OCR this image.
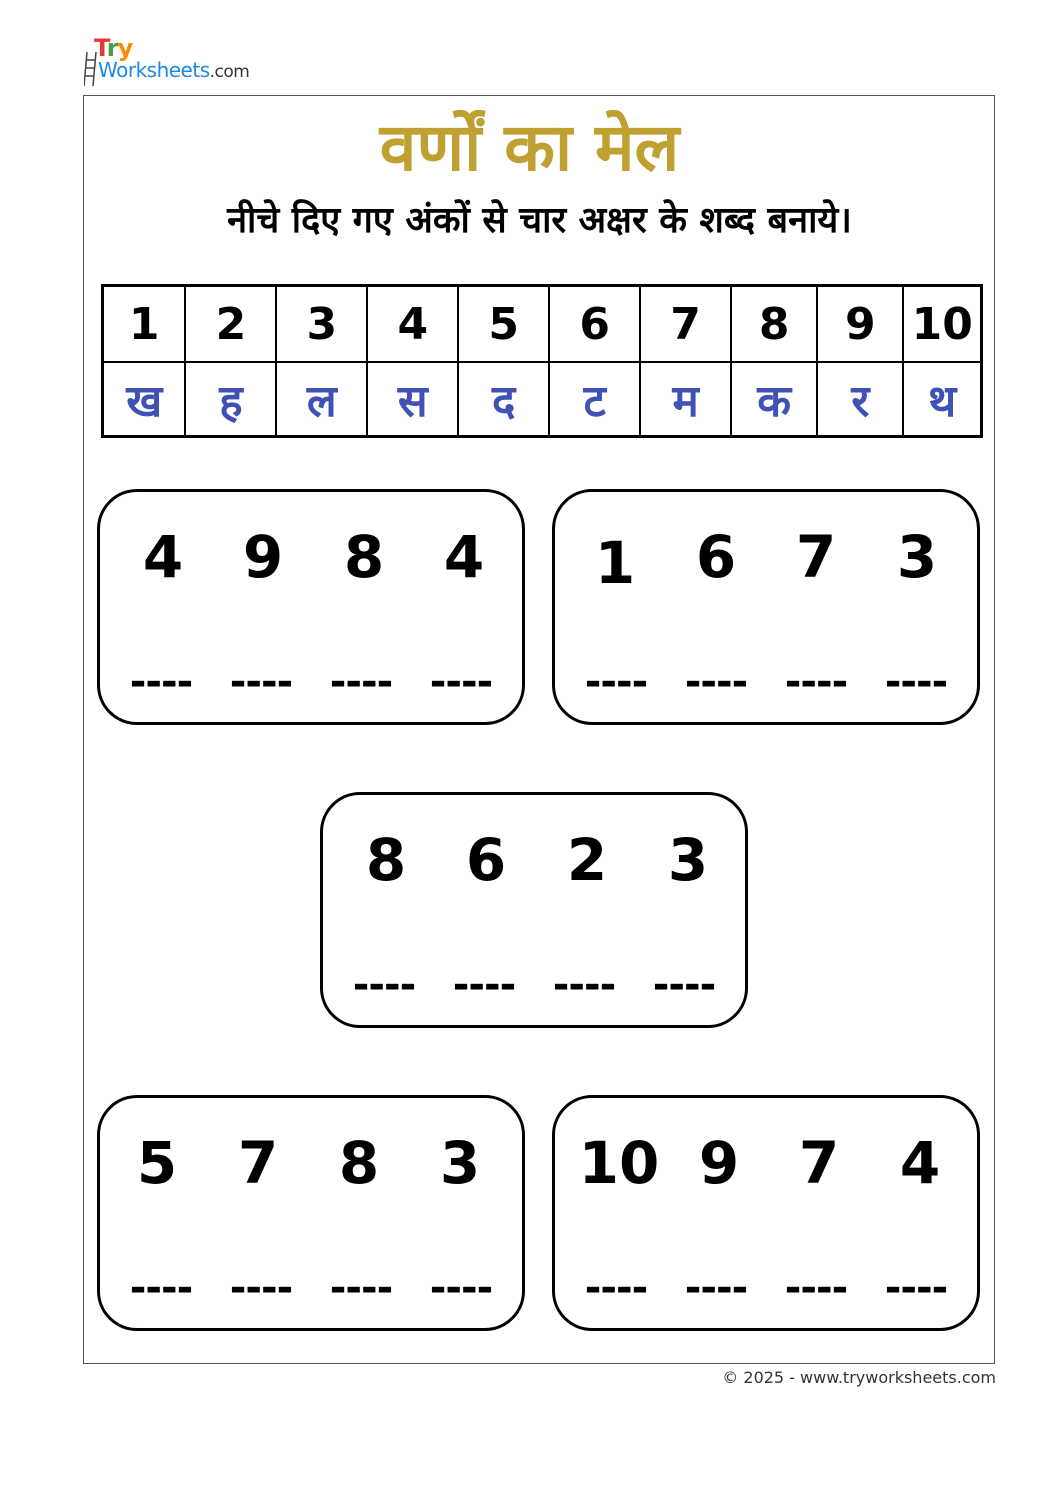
Try
Worksheets.com
वर्णों का मेल
नीचे दिए गए अंकों से चार अक्षर के शब्द बनाये।
1	2	3	4	5	6	7	8	9	10
ख	ह	ल	स	द	ट	म	क	र	थ
4	9	8	4
---- ---- ---- ----
1	6	7	3
---- ---- ---- ----
8	6	2	3
---- ---- ---- ----
5	7	8	3
---- ---- ---- ----
10 9	7	4
---- ---- ---- ----
© 2025 - www.tryworksheets.com
